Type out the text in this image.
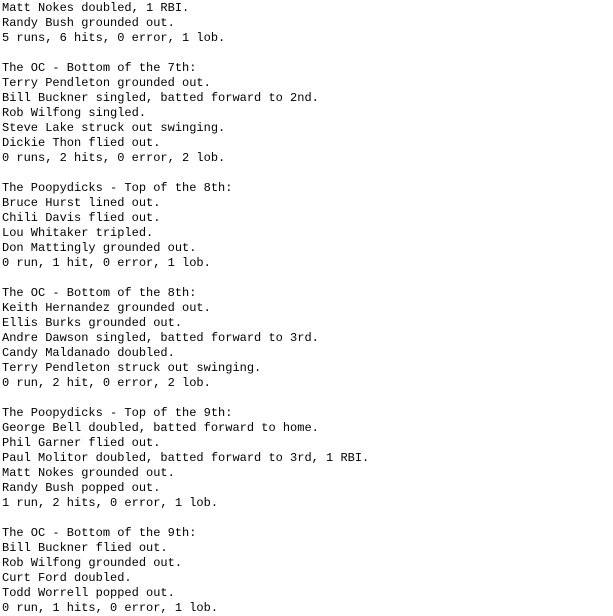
Matt Nokes doubled, 1 RBI.
Randy Bush grounded out.
5 runs, 6 hits, 0 error, 1 lob.
The OC - Bottom of the 7th:
Terry Pendleton grounded out.
Bill Buckner singled, batted forward to 2nd.
Rob Wilfong singled.
Steve Lake struck out swinging.
Dickie Thon flied out.
0 runs, 2 hits, 0 error, 2 lob.
The Poopydicks - Top of the 8th:
Bruce Hurst lined out.
Chili Davis flied out.
Lou Whitaker tripled.
Don Mattingly grounded out.
0 run, 1 hit, 0 error, 1 lob.
The OC - Bottom of the 8th:
Keith Hernandez grounded out.
Ellis Burks grounded out.
Andre Dawson singled, batted forward to 3rd.
Candy Maldanado doubled.
Terry Pendleton struck out swinging.
0 run, 2 hit, 0 error, 2 lob.
The Poopydicks - Top of the 9th:
George Bell doubled, batted forward to home.
Phil Garner flied out.
Paul Molitor doubled, batted forward to 3rd, 1 RBI.
Matt Nokes grounded out.
Randy Bush popped out.
1 run, 2 hits, 0 error, 1 lob.
The OC - Bottom of the 9th:
Bill Buckner flied out.
Rob Wilfong grounded out.
Curt Ford doubled.
Todd Worrell popped out.
0 run, 1 hits, 0 error, 1 lob.
